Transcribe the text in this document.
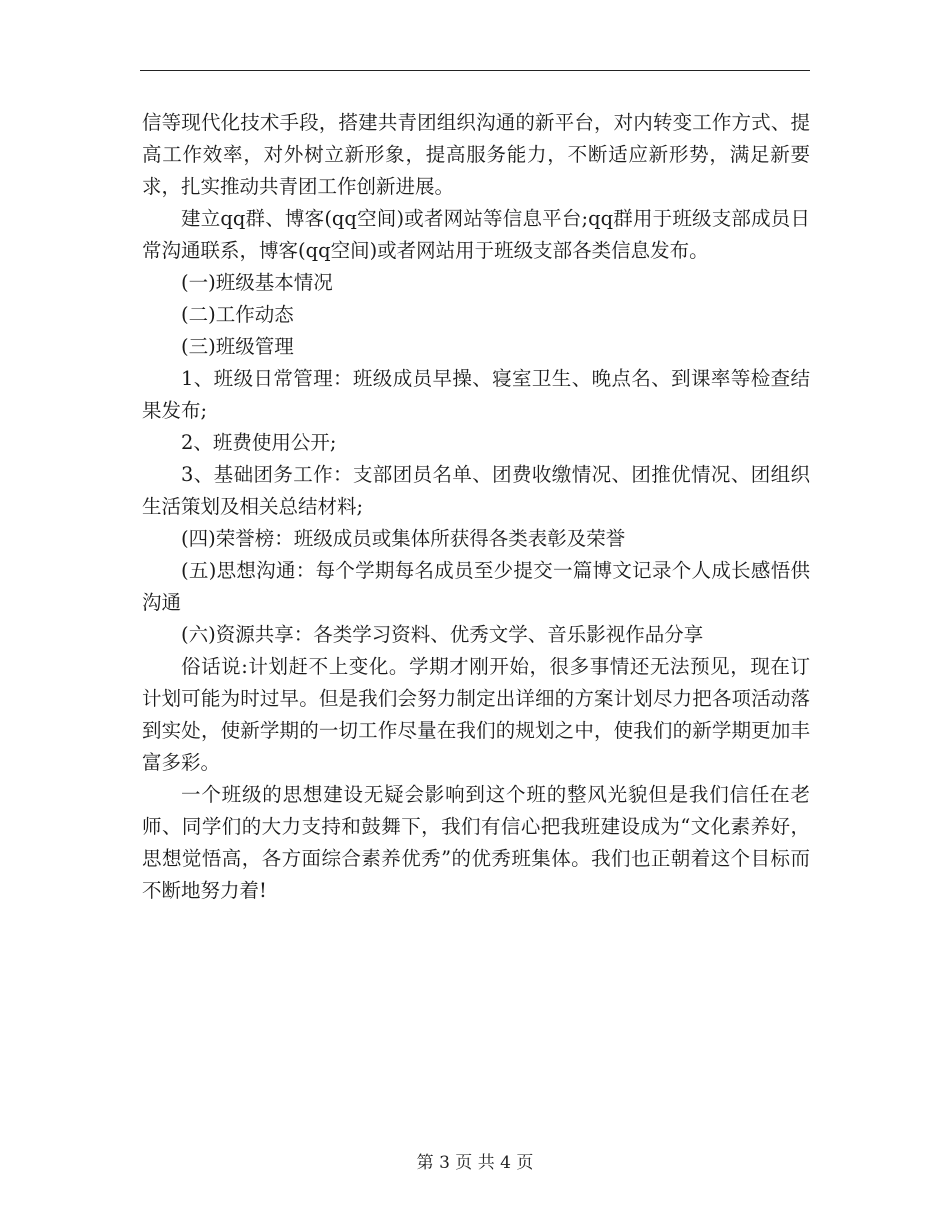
信等现代化技术手段，搭建共青团组织沟通的新平台，对内转变工作方式、提高工作效率，对外树立新形象，提高服务能力，不断适应新形势，满足新要求，扎实推动共青团工作创新进展。

建立qq群、博客(qq空间)或者网站等信息平台;qq群用于班级支部成员日常沟通联系，博客(qq空间)或者网站用于班级支部各类信息发布。

(一)班级基本情况

(二)工作动态

(三)班级管理

1、班级日常管理：班级成员早操、寝室卫生、晚点名、到课率等检查结果发布;

2、班费使用公开;

3、基础团务工作：支部团员名单、团费收缴情况、团推优情况、团组织生活策划及相关总结材料;

(四)荣誉榜：班级成员或集体所获得各类表彰及荣誉

(五)思想沟通：每个学期每名成员至少提交一篇博文记录个人成长感悟供沟通

(六)资源共享：各类学习资料、优秀文学、音乐影视作品分享

俗话说:计划赶不上变化。学期才刚开始，很多事情还无法预见，现在订计划可能为时过早。但是我们会努力制定出详细的方案计划尽力把各项活动落到实处，使新学期的一切工作尽量在我们的规划之中，使我们的新学期更加丰富多彩。

一个班级的思想建设无疑会影响到这个班的整风光貌但是我们信任在老师、同学们的大力支持和鼓舞下，我们有信心把我班建设成为“文化素养好，思想觉悟高，各方面综合素养优秀”的优秀班集体。我们也正朝着这个目标而不断地努力着!

第 3 页 共 4 页
